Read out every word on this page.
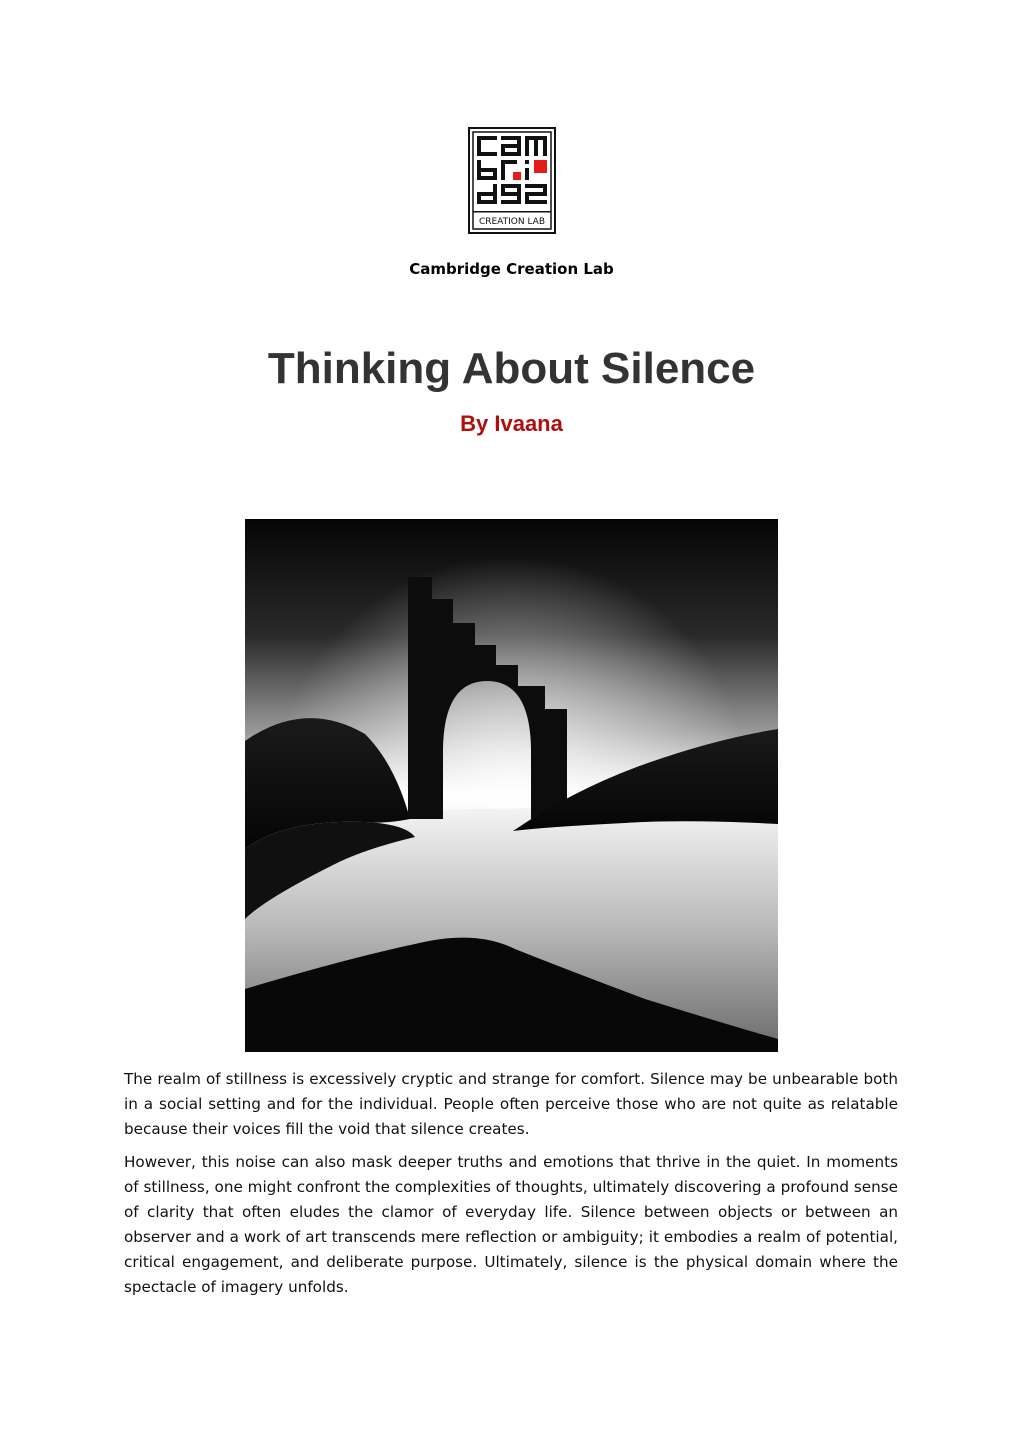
CREATION LAB
Cambridge Creation Lab
Thinking About Silence
By Ivaana

The realm of stillness is excessively cryptic and strange for comfort. Silence may be unbearable both in a social setting and for the individual. People often perceive those who are not quite as relatable because their voices fill the void that silence creates.

However, this noise can also mask deeper truths and emotions that thrive in the quiet. In moments of stillness, one might confront the complexities of thoughts, ultimately discovering a profound sense of clarity that often eludes the clamor of everyday life. Silence between objects or between an observer and a work of art transcends mere reflection or ambiguity; it embodies a realm of potential, critical engagement, and deliberate purpose. Ultimately, silence is the physical domain where the spectacle of imagery unfolds.
